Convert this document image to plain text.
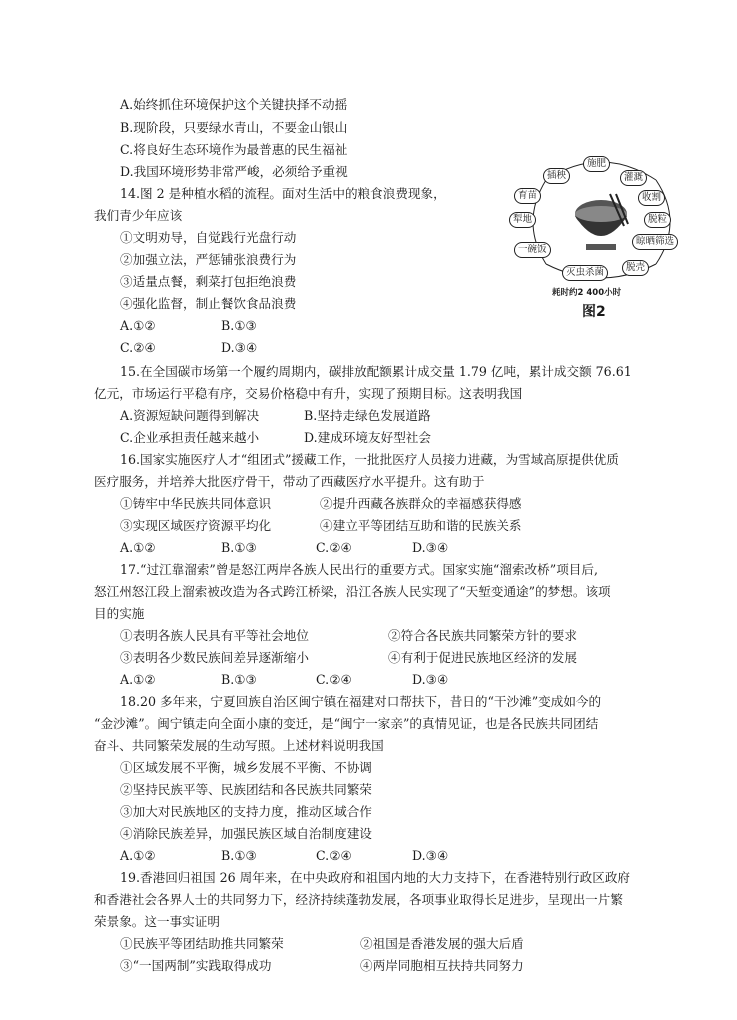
A.始终抓住环境保护这个关键抉择不动摇
B.现阶段，只要绿水青山，不要金山银山
C.将良好生态环境作为最普惠的民生福祉
D.我国环境形势非常严峻，必须给予重视
14.图 2 是种植水稻的流程。面对生活中的粮食浪费现象，
我们青少年应该
①文明劝导，自觉践行光盘行动
②加强立法，严惩铺张浪费行为
③适量点餐，剩菜打包拒绝浪费
④强化监督，制止餐饮食品浪费
A.①②	B.①③
C.②④	D.③④
施肥
灌溉
收割
脱粒
晾晒筛选
脱壳
灭虫杀菌
一碗饭
犁地
育苗
插秧
耗时约2 400小时
图2
15.在全国碳市场第一个履约周期内，碳排放配额累计成交量 1.79 亿吨，累计成交额 76.61
亿元，市场运行平稳有序，交易价格稳中有升，实现了预期目标。这表明我国
A.资源短缺问题得到解决	B.坚持走绿色发展道路
C.企业承担责任越来越小	D.建成环境友好型社会
16.国家实施医疗人才“组团式”援藏工作，一批批医疗人员接力进藏，为雪域高原提供优质
医疗服务，并培养大批医疗骨干，带动了西藏医疗水平提升。这有助于
①铸牢中华民族共同体意识	②提升西藏各族群众的幸福感获得感
③实现区域医疗资源平均化	④建立平等团结互助和谐的民族关系
A.①②	B.①③	C.②④	D.③④
17.“过江靠溜索”曾是怒江两岸各族人民出行的重要方式。国家实施“溜索改桥”项目后,
怒江州怒江段上溜索被改造为各式跨江桥梁，沿江各族人民实现了“天堑变通途”的梦想。该项
目的实施
①表明各族人民具有平等社会地位	②符合各民族共同繁荣方针的要求
③表明各少数民族间差异逐渐缩小	④有利于促进民族地区经济的发展
A.①②	B.①③	C.②④	D.③④
18.20 多年来，宁夏回族自治区闽宁镇在福建对口帮扶下，昔日的“干沙滩”变成如今的
“金沙滩”。闽宁镇走向全面小康的变迁，是“闽宁一家亲”的真情见证，也是各民族共同团结
奋斗、共同繁荣发展的生动写照。上述材料说明我国
①区域发展不平衡，城乡发展不平衡、不协调
②坚持民族平等、民族团结和各民族共同繁荣
③加大对民族地区的支持力度，推动区域合作
④消除民族差异，加强民族区域自治制度建设
A.①②	B.①③	C.②④	D.③④
19.香港回归祖国 26 周年来，在中央政府和祖国内地的大力支持下，在香港特别行政区政府
和香港社会各界人士的共同努力下，经济持续蓬勃发展，各项事业取得长足进步，呈现出一片繁
荣景象。这一事实证明
①民族平等团结助推共同繁荣	②祖国是香港发展的强大后盾
③“一国两制”实践取得成功	④两岸同胞相互扶持共同努力
